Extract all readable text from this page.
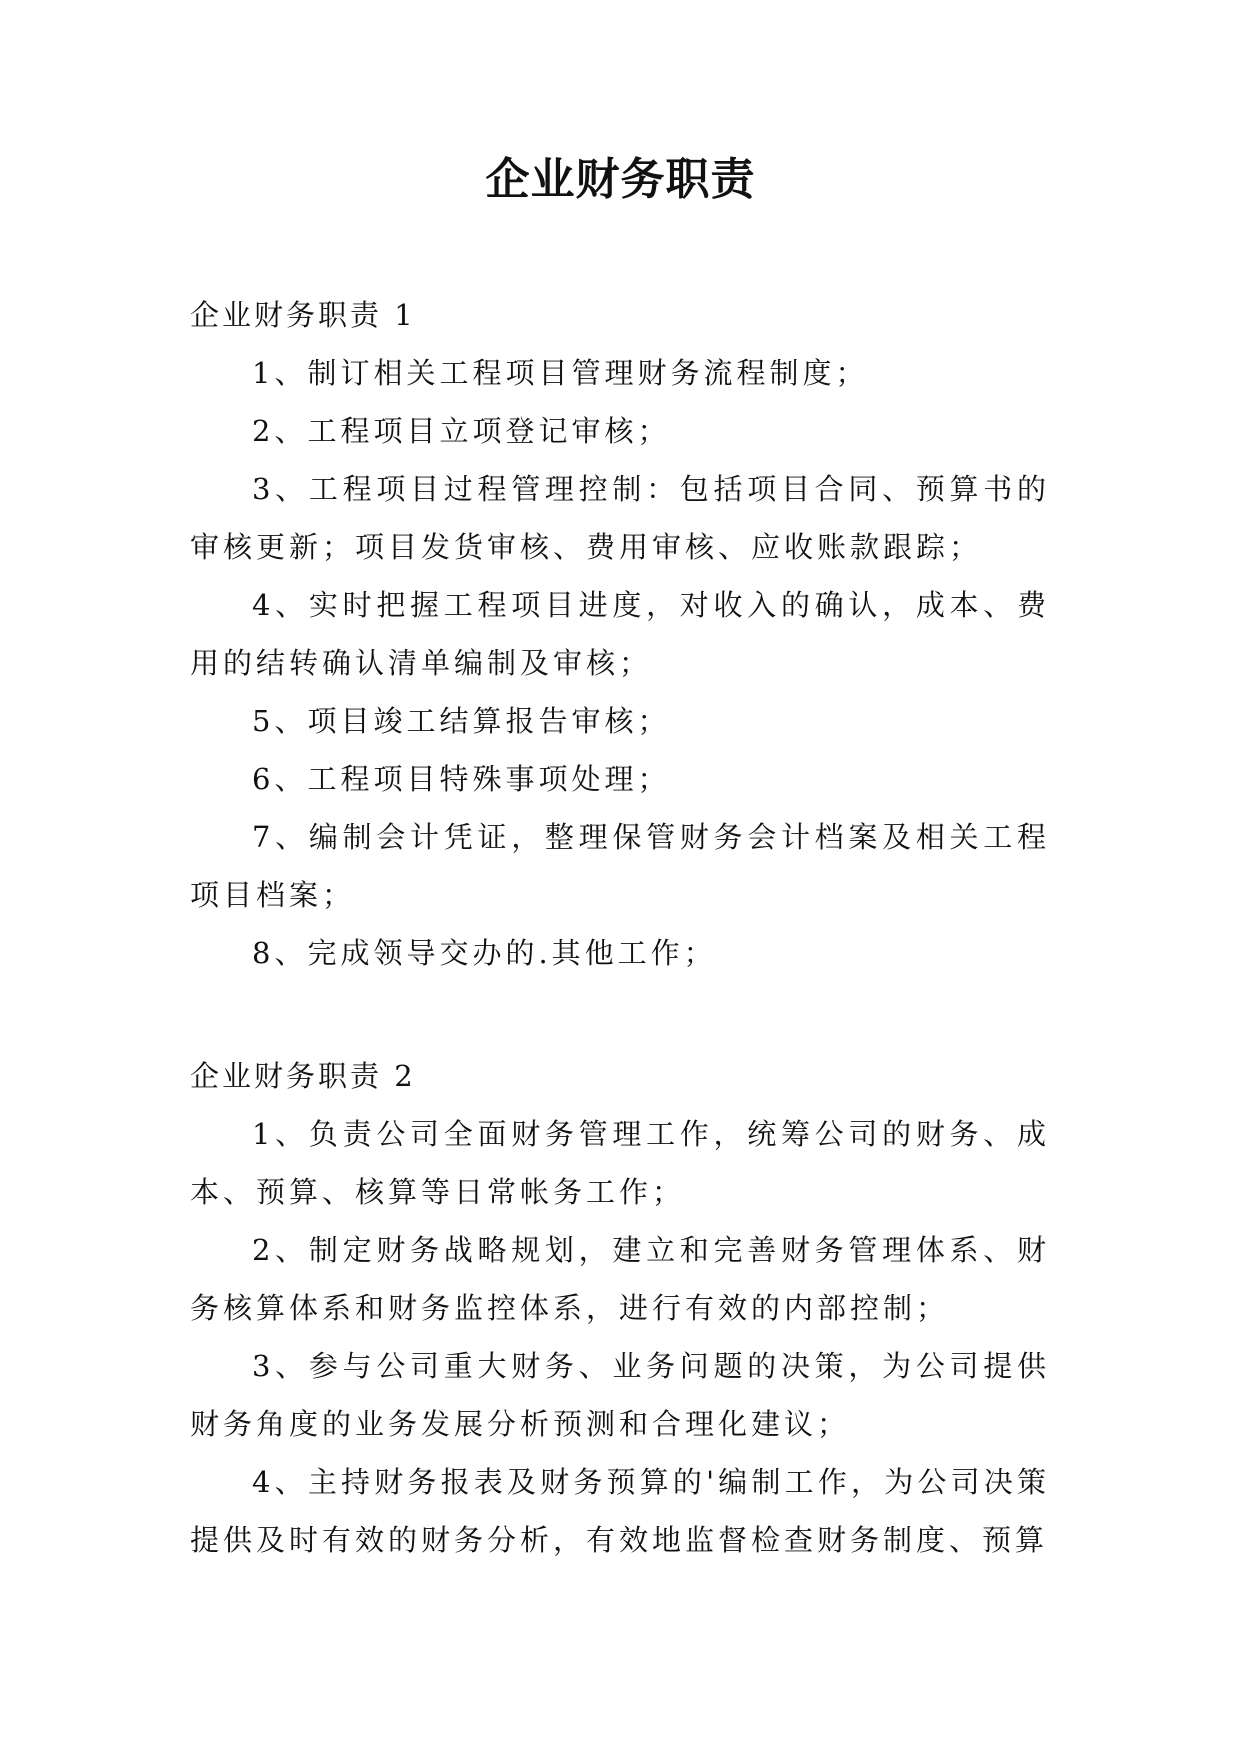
企业财务职责
企业财务职责 1

1、制订相关工程项目管理财务流程制度；

2、工程项目立项登记审核；

3、工程项目过程管理控制：包括项目合同、预算书的审核更新；项目发货审核、费用审核、应收账款跟踪；

4、实时把握工程项目进度，对收入的确认，成本、费用的结转确认清单编制及审核；

5、项目竣工结算报告审核；

6、工程项目特殊事项处理；

7、编制会计凭证，整理保管财务会计档案及相关工程项目档案；

8、完成领导交办的.其他工作；

企业财务职责 2

1、负责公司全面财务管理工作，统筹公司的财务、成本、预算、核算等日常帐务工作；

2、制定财务战略规划，建立和完善财务管理体系、财务核算体系和财务监控体系，进行有效的内部控制；

3、参与公司重大财务、业务问题的决策，为公司提供财务角度的业务发展分析预测和合理化建议；

4、主持财务报表及财务预算的'编制工作，为公司决策提供及时有效的财务分析，有效地监督检查财务制度、预算
